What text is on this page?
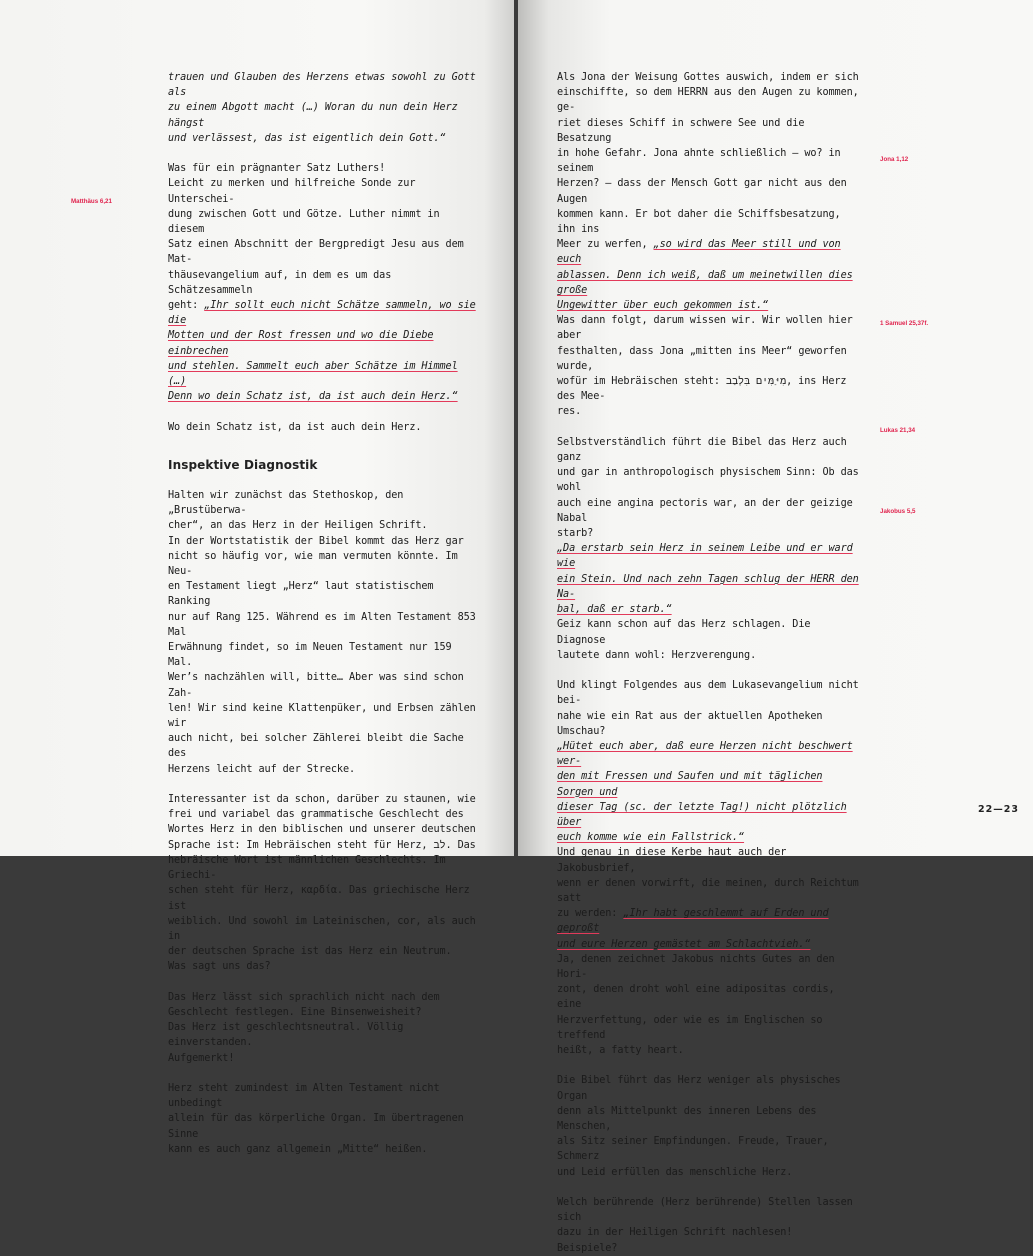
trauen und Glauben des Herzens etwas sowohl zu Gott als
zu einem Abgott macht (…) Woran du nun dein Herz hängst
und verlässest, das ist eigentlich dein Gott.“

Was für ein prägnanter Satz Luthers!
Leicht zu merken und hilfreiche Sonde zur Unterschei-
dung zwischen Gott und Götze. Luther nimmt in diesem
Satz einen Abschnitt der Bergpredigt Jesu aus dem Mat-
thäusevangelium auf, in dem es um das Schätzesammeln
geht: „Ihr sollt euch nicht Schätze sammeln, wo sie die
Motten und der Rost fressen und wo die Diebe einbrechen
und stehlen. Sammelt euch aber Schätze im Himmel (…)
Denn wo dein Schatz ist, da ist auch dein Herz.“

Wo dein Schatz ist, da ist auch dein Herz.

Inspektive Diagnostik

Halten wir zunächst das Stethoskop, den „Brustüberwa-
cher“, an das Herz in der Heiligen Schrift.
In der Wortstatistik der Bibel kommt das Herz gar
nicht so häufig vor, wie man vermuten könnte. Im Neu-
en Testament liegt „Herz“ laut statistischem Ranking
nur auf Rang 125. Während es im Alten Testament 853 Mal
Erwähnung findet, so im Neuen Testament nur 159 Mal.
Wer’s nachzählen will, bitte… Aber was sind schon Zah-
len! Wir sind keine Klattenpüker, und Erbsen zählen wir
auch nicht, bei solcher Zählerei bleibt die Sache des
Herzens leicht auf der Strecke.

Interessanter ist da schon, darüber zu staunen, wie
frei und variabel das grammatische Geschlecht des
Wortes Herz in den biblischen und unserer deutschen
Sprache ist: Im Hebräischen steht für Herz, לב. Das
hebräische Wort ist männlichen Geschlechts. Im Griechi-
schen steht für Herz, καρδία. Das griechische Herz ist
weiblich. Und sowohl im Lateinischen, cor, als auch in
der deutschen Sprache ist das Herz ein Neutrum.
Was sagt uns das?

Das Herz lässt sich sprachlich nicht nach dem
Geschlecht festlegen. Eine Binsenweisheit?
Das Herz ist geschlechtsneutral. Völlig einverstanden.
Aufgemerkt!

Herz steht zumindest im Alten Testament nicht unbedingt
allein für das körperliche Organ. Im übertragenen Sinne
kann es auch ganz allgemein „Mitte“ heißen.

Matthäus 6,21

Als Jona der Weisung Gottes auswich, indem er sich
einschiffte, so dem HERRN aus den Augen zu kommen, ge-
riet dieses Schiff in schwere See und die Besatzung
in hohe Gefahr. Jona ahnte schließlich – wo? in seinem
Herzen? – dass der Mensch Gott gar nicht aus den Augen
kommen kann. Er bot daher die Schiffsbesatzung, ihn ins
Meer zu werfen, „so wird das Meer still und von euch
ablassen. Denn ich weiß, daß um meinetwillen dies große
Ungewitter über euch gekommen ist.“
Was dann folgt, darum wissen wir. Wir wollen hier aber
festhalten, dass Jona „mitten ins Meer“ geworfen wurde,
wofür im Hebräischen steht: מִיַּמִּים בִּלְבַב, ins Herz des Mee-
res.

Selbstverständlich führt die Bibel das Herz auch ganz
und gar in anthropologisch physischem Sinn: Ob das wohl
auch eine angina pectoris war, an der der geizige Nabal
starb?
„Da erstarb sein Herz in seinem Leibe und er ward wie
ein Stein. Und nach zehn Tagen schlug der HERR den Na-
bal, daß er starb.“
Geiz kann schon auf das Herz schlagen. Die Diagnose
lautete dann wohl: Herzverengung.

Und klingt Folgendes aus dem Lukasevangelium nicht bei-
nahe wie ein Rat aus der aktuellen Apotheken Umschau?
„Hütet euch aber, daß eure Herzen nicht beschwert wer-
den mit Fressen und Saufen und mit täglichen Sorgen und
dieser Tag (sc. der letzte Tag!) nicht plötzlich über
euch komme wie ein Fallstrick.“
Und genau in diese Kerbe haut auch der Jakobusbrief,
wenn er denen vorwirft, die meinen, durch Reichtum satt
zu werden: „Ihr habt geschlemmt auf Erden und geproßt
und eure Herzen gemästet am Schlachtvieh.“
Ja, denen zeichnet Jakobus nichts Gutes an den Hori-
zont, denen droht wohl eine adipositas cordis, eine
Herzverfettung, oder wie es im Englischen so treffend
heißt, a fatty heart.

Die Bibel führt das Herz weniger als physisches Organ
denn als Mittelpunkt des inneren Lebens des Menschen,
als Sitz seiner Empfindungen. Freude, Trauer, Schmerz
und Leid erfüllen das menschliche Herz.

Welch berührende (Herz berührende) Stellen lassen sich
dazu in der Heiligen Schrift nachlesen!
Beispiele?

Jona 1,12
1 Samuel 25,37f.
Lukas 21,34
Jakobus 5,5
22—23
